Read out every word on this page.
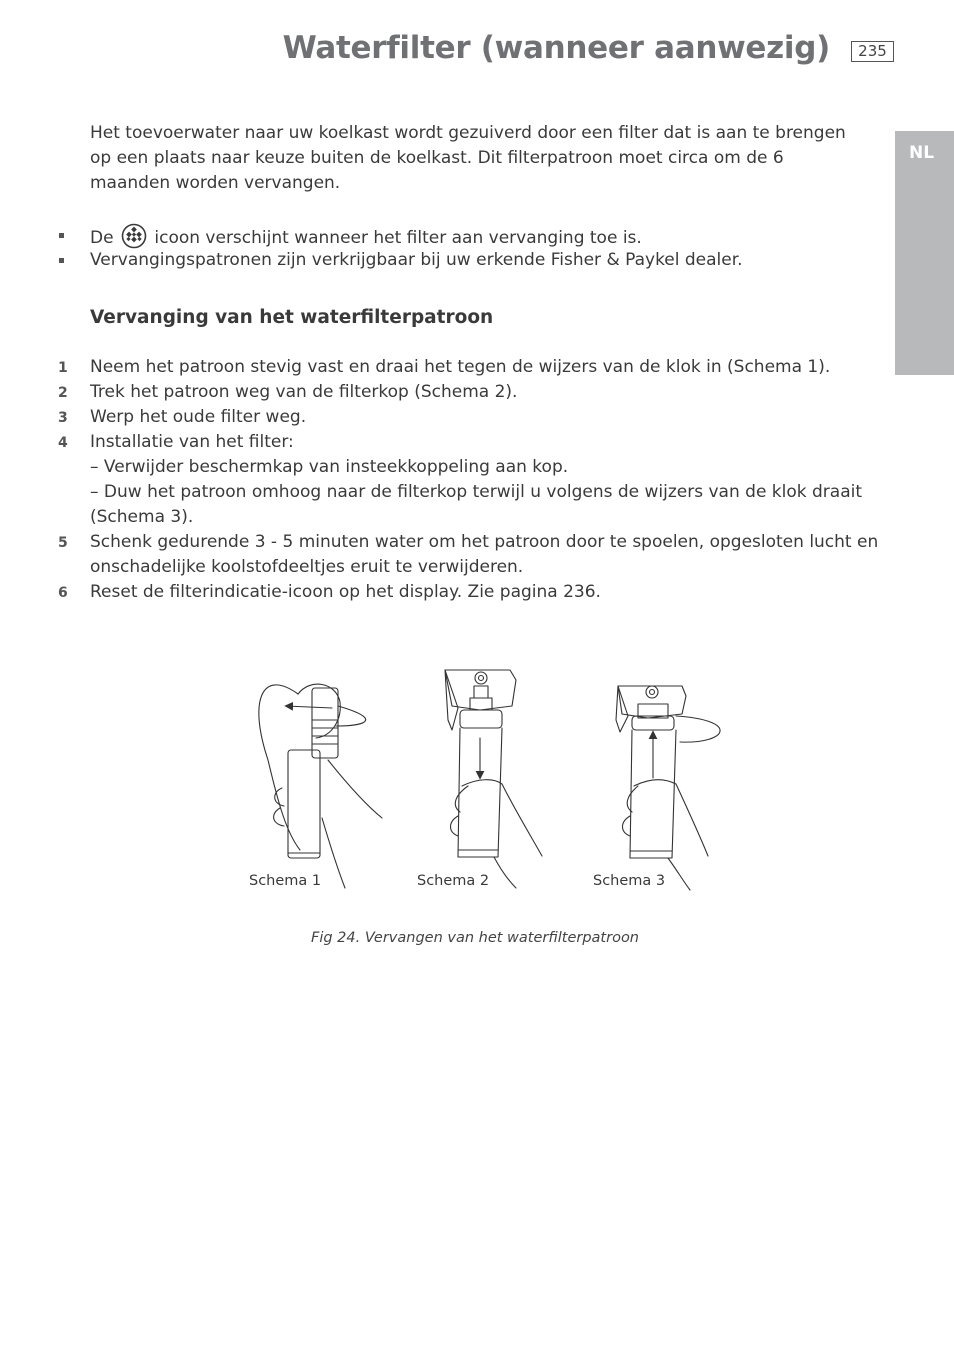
Waterfilter (wanneer aanwezig)	235
NL
Het toevoerwater naar uw koelkast wordt gezuiverd door een filter dat is aan te brengen op een plaats naar keuze buiten de koelkast. Dit filterpatroon moet circa om de 6 maanden worden vervangen.
De icoon verschijnt wanneer het filter aan vervanging toe is.
Vervangingspatronen zijn verkrijgbaar bij uw erkende Fisher & Paykel dealer.
Vervanging van het waterfilterpatroon
1 Neem het patroon stevig vast en draai het tegen de wijzers van de klok in (Schema 1).
2 Trek het patroon weg van de filterkop (Schema 2).
3 Werp het oude filter weg.
4 Installatie van het filter:
– Verwijder beschermkap van insteekkoppeling aan kop.
– Duw het patroon omhoog naar de filterkop terwijl u volgens de wijzers van de klok draait
(Schema 3).
5 Schenk gedurende 3 - 5 minuten water om het patroon door te spoelen, opgesloten lucht en
onschadelijke koolstofdeeltjes eruit te verwijderen.
6 Reset de filterindicatie-icoon op het display. Zie pagina 236.
Schema 1	Schema 2	Schema 3
Fig 24. Vervangen van het waterfilterpatroon
